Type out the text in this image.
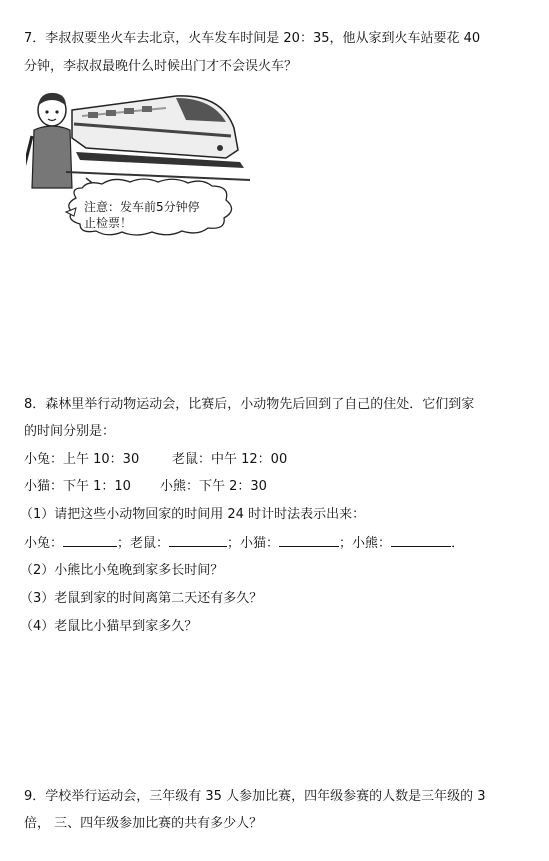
7．李叔叔要坐火车去北京，火车发车时间是 20：35，他从家到火车站要花 40
分钟，李叔叔最晚什么时候出门才不会误火车？
注意：发车前5分钟停
止检票！
8．森林里举行动物运动会，比赛后，小动物先后回到了自己的住处．它们到家
的时间分别是：
小兔：上午 10：30	老鼠：中午 12：00
小猫：下午 1：10 小熊：下午 2：30
（1）请把这些小动物回家的时间用 24 时计时法表示出来：
小兔：	；老鼠：	；小猫：	；小熊：	．
（2）小熊比小兔晚到家多长时间？
（3）老鼠到家的时间离第二天还有多久？
（4）老鼠比小猫早到家多久？
9．学校举行运动会，三年级有 35 人参加比赛，四年级参赛的人数是三年级的 3
倍， 三、四年级参加比赛的共有多少人？
